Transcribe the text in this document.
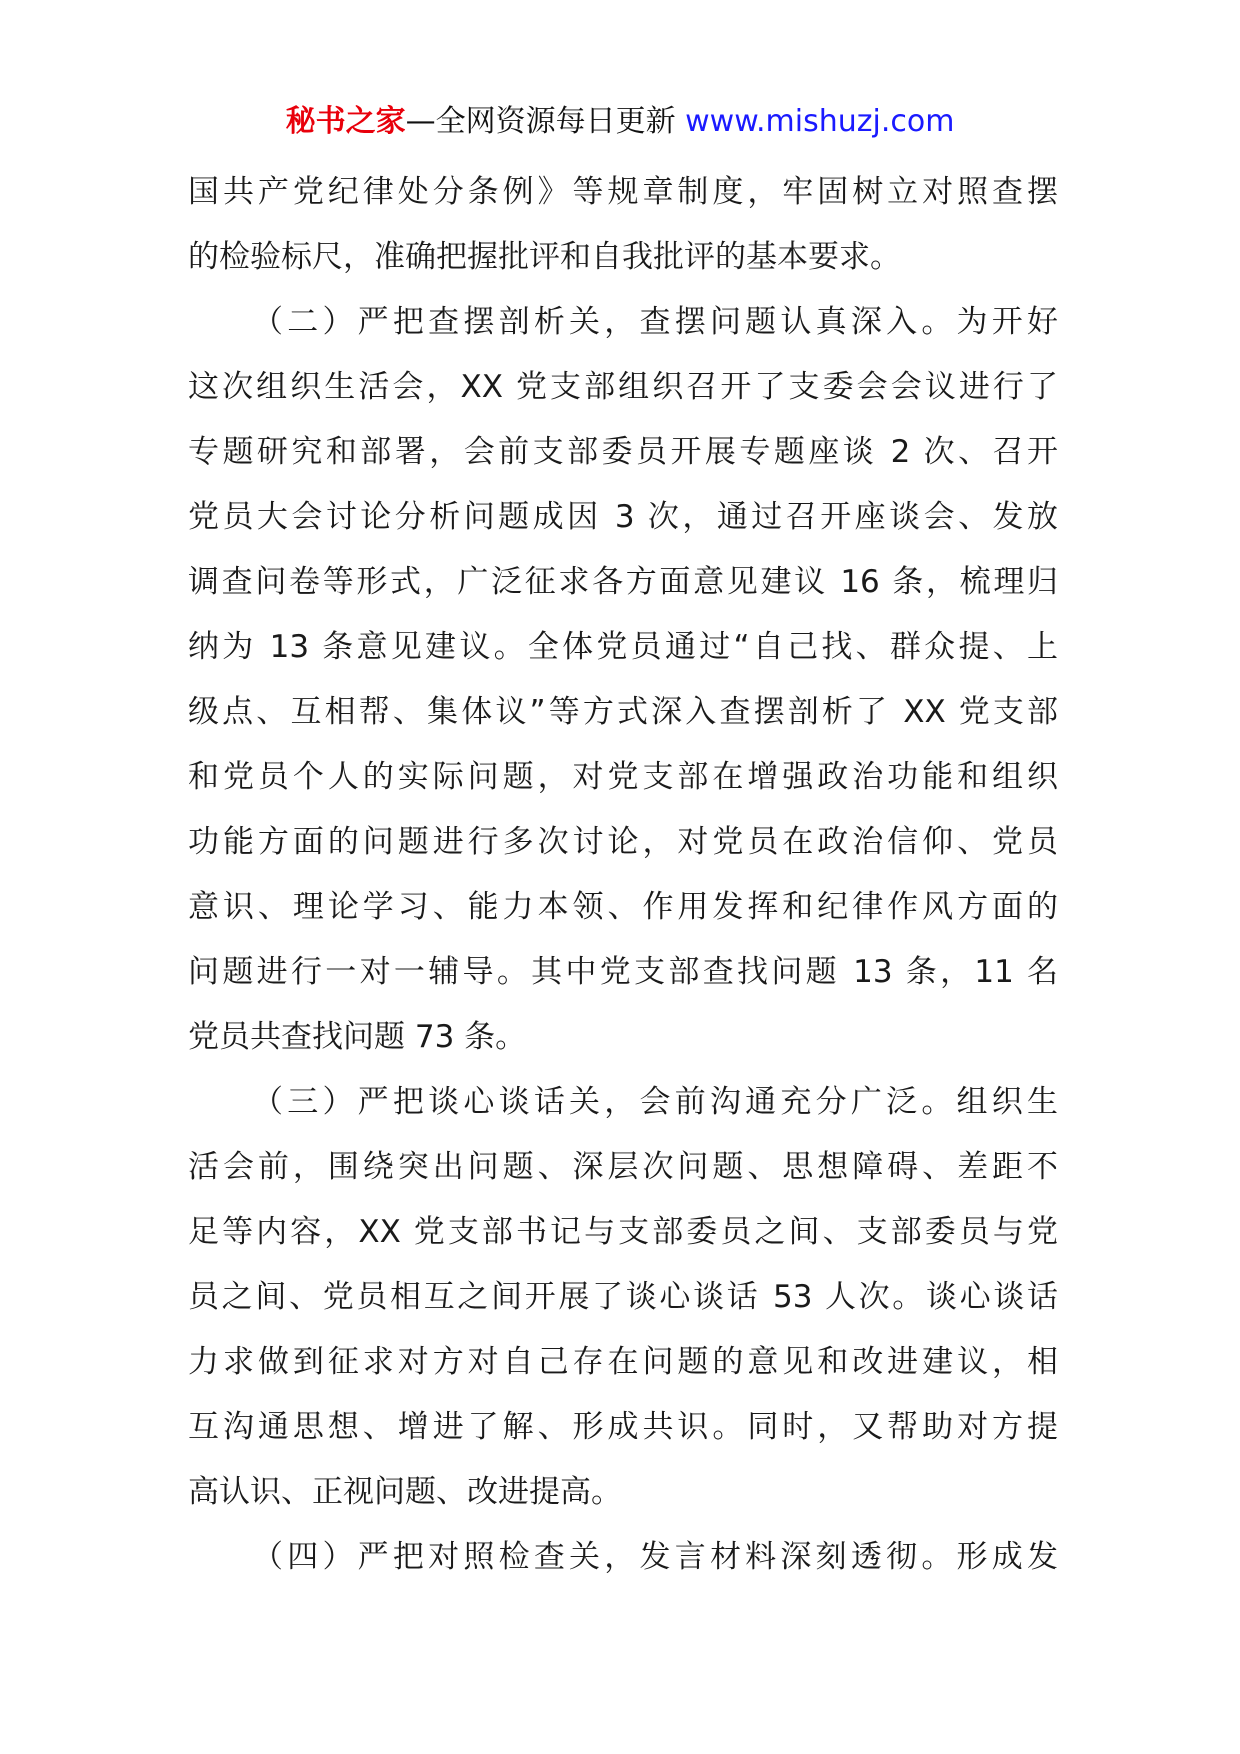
秘书之家—全网资源每日更新 www.mishuzj.com
国共产党纪律处分条例》等规章制度，牢固树立对照查摆
的检验标尺，准确把握批评和自我批评的基本要求。
（二）严把查摆剖析关，查摆问题认真深入。为开好
这次组织生活会，XX 党支部组织召开了支委会会议进行了
专题研究和部署，会前支部委员开展专题座谈 2 次、召开
党员大会讨论分析问题成因 3 次，通过召开座谈会、发放
调查问卷等形式，广泛征求各方面意见建议 16 条，梳理归
纳为 13 条意见建议。全体党员通过“自己找、群众提、上
级点、互相帮、集体议”等方式深入查摆剖析了 XX 党支部
和党员个人的实际问题，对党支部在增强政治功能和组织
功能方面的问题进行多次讨论，对党员在政治信仰、党员
意识、理论学习、能力本领、作用发挥和纪律作风方面的
问题进行一对一辅导。其中党支部查找问题 13 条，11 名
党员共查找问题 73 条。
（三）严把谈心谈话关，会前沟通充分广泛。组织生
活会前，围绕突出问题、深层次问题、思想障碍、差距不
足等内容，XX 党支部书记与支部委员之间、支部委员与党
员之间、党员相互之间开展了谈心谈话 53 人次。谈心谈话
力求做到征求对方对自己存在问题的意见和改进建议，相
互沟通思想、增进了解、形成共识。同时，又帮助对方提
高认识、正视问题、改进提高。
（四）严把对照检查关，发言材料深刻透彻。形成发
